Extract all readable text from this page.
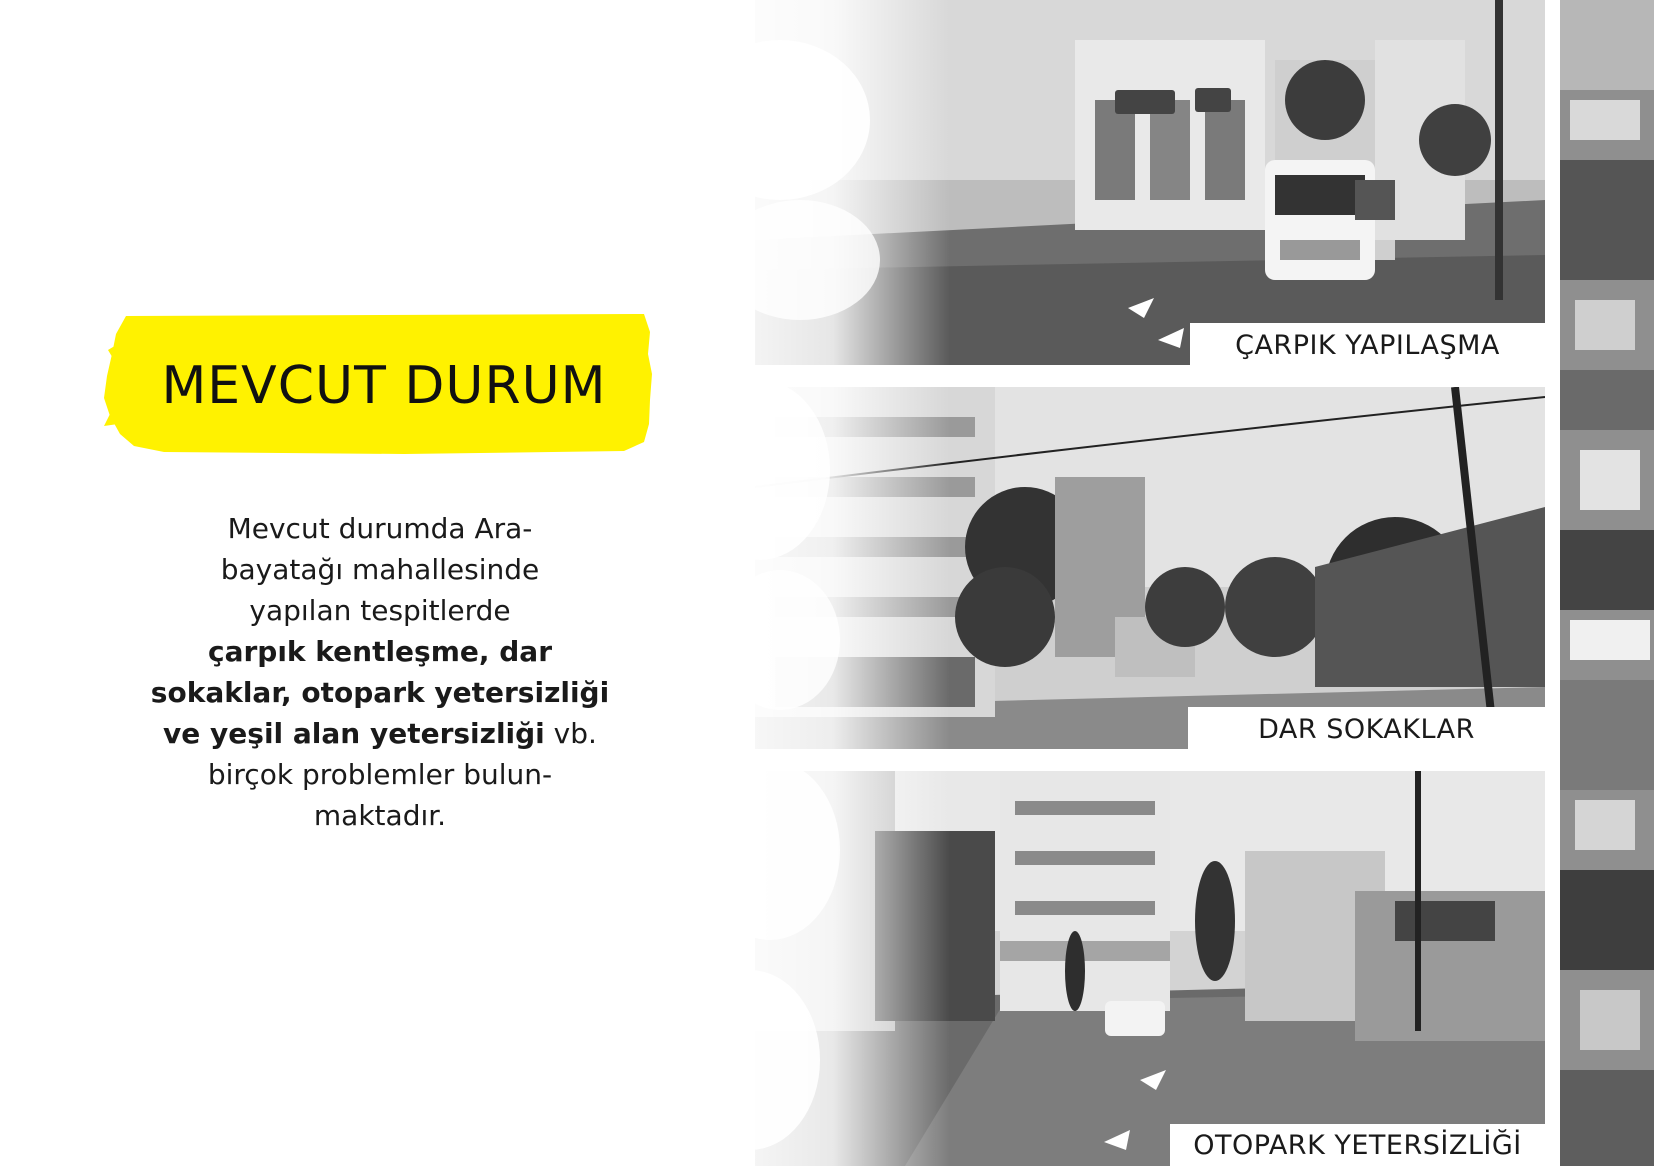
MEVCUT DURUM
Mevcut durumda Ara-
bayatağı mahallesinde
yapılan tespitlerde
çarpık kentleşme, dar
sokaklar, otopark yetersizliği
ve yeşil alan yetersizliği vb.
birçok problemler bulun-
maktadır.
ÇARPIK YAPILAŞMA
DAR SOKAKLAR
OTOPARK YETERSİZLİĞİ
